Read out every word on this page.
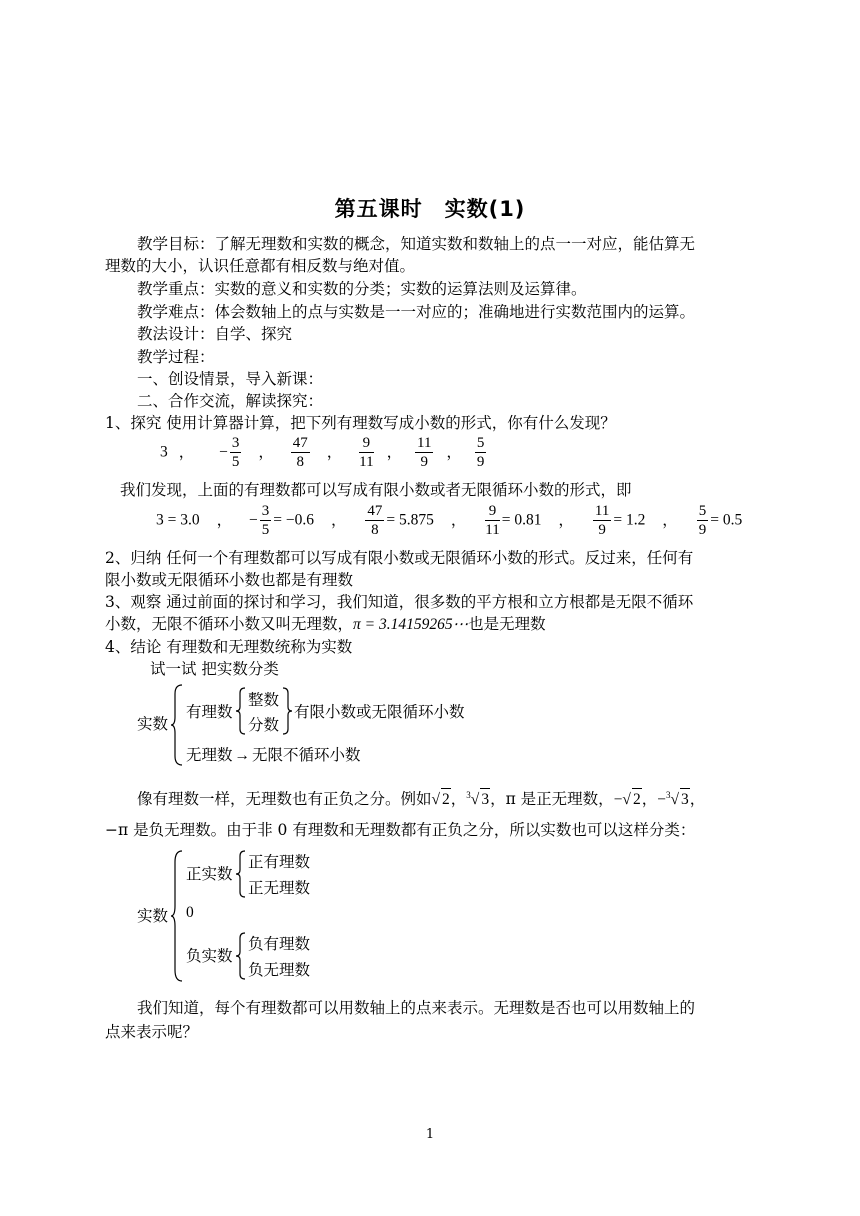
第五课时　实数(1)
教学目标：了解无理数和实数的概念，知道实数和数轴上的点一一对应，能估算无
理数的大小，认识任意都有相反数与绝对值。
教学重点：实数的意义和实数的分类；实数的运算法则及运算律。
教学难点：体会数轴上的点与实数是一一对应的；准确地进行实数范围内的运算。
教法设计：自学、探究
教学过程：
一、创设情景，导入新课：
二、合作交流，解读探究：
1、探究 使用计算器计算，把下列有理数写成小数的形式，你有什么发现？
3 ， − $\frac{3}{5}$ ， $\frac{47}{8}$ ， $\frac{9}{11}$ ， $\frac{11}{9}$ ， $\frac{5}{9}$
我们发现，上面的有理数都可以写成有限小数或者无限循环小数的形式，即
3 = 3.0 ， − $\frac{3}{5} = -0.6$ ， $\frac{47}{8} = 5.875$ ， $\frac{9}{11} = 0.81$ ， $\frac{11}{9} = 1.2$ ， $\frac{5}{9} = 0.5$
2、归纳 任何一个有理数都可以写成有限小数或无限循环小数的形式。反过来，任何有
限小数或无限循环小数也都是有理数
3、观察 通过前面的探讨和学习，我们知道，很多数的平方根和立方根都是无限不循环
小数，无限不循环小数又叫无理数，π = 3.14159265⋯也是无理数
4、结论 有理数和无理数统称为实数
试一试 把实数分类
实数
有理数
整数
分数
有限小数或无限循环小数
无理数 → 无限不循环小数
像有理数一样，无理数也有正负之分。例如√ 2，$^3$√ 3，π 是正无理数，−√ 2，−$^3$√ 3，
−π 是负无理数。由于非 0 有理数和无理数都有正负之分，所以实数也可以这样分类：
实数
正实数
正有理数
正无理数
0
负实数
负有理数
负无理数
我们知道，每个有理数都可以用数轴上的点来表示。无理数是否也可以用数轴上的
点来表示呢？
1
